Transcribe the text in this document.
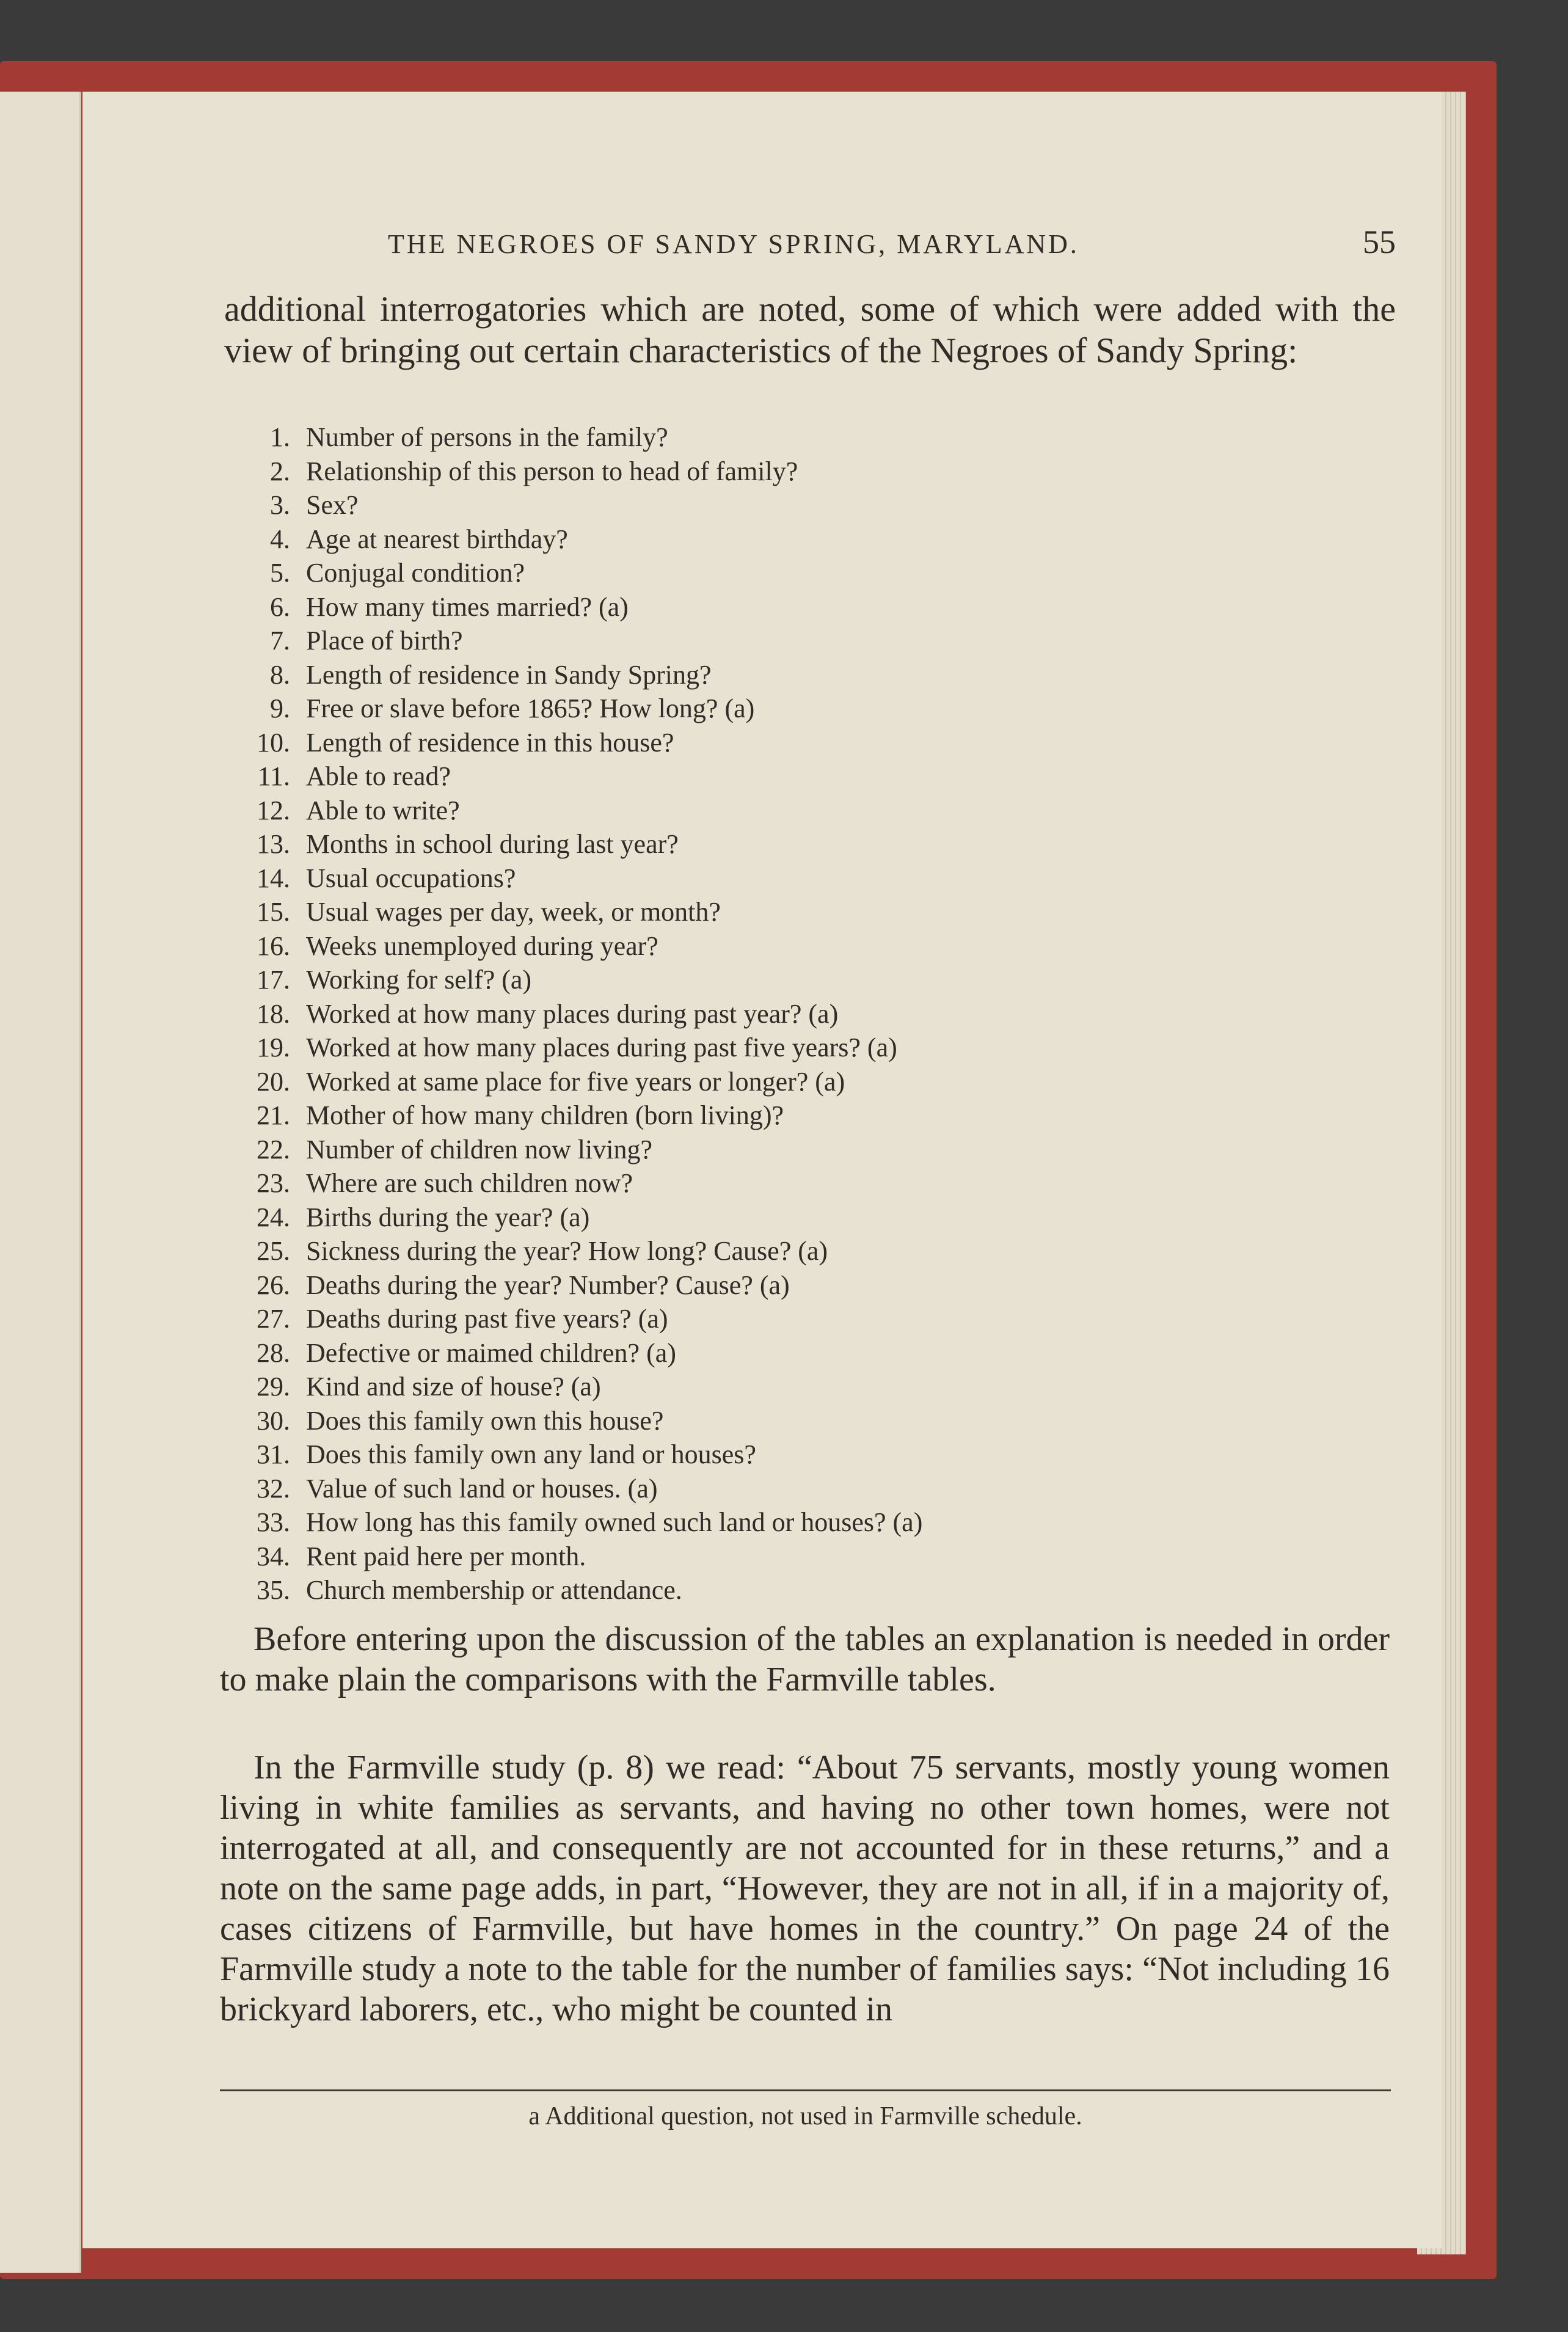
THE NEGROES OF SANDY SPRING, MARYLAND.	55

additional interrogatories which are noted, some of which were added with the view of bringing out certain characteristics of the Negroes of Sandy Spring:

1. Number of persons in the family?
2. Relationship of this person to head of family?
3. Sex?
4. Age at nearest birthday?
5. Conjugal condition?
6. How many times married? (a)
7. Place of birth?
8. Length of residence in Sandy Spring?
9. Free or slave before 1865? How long? (a)
10. Length of residence in this house?
11. Able to read?
12. Able to write?
13. Months in school during last year?
14. Usual occupations?
15. Usual wages per day, week, or month?
16. Weeks unemployed during year?
17. Working for self? (a)
18. Worked at how many places during past year? (a)
19. Worked at how many places during past five years? (a)
20. Worked at same place for five years or longer? (a)
21. Mother of how many children (born living)?
22. Number of children now living?
23. Where are such children now?
24. Births during the year? (a)
25. Sickness during the year? How long? Cause? (a)
26. Deaths during the year? Number? Cause? (a)
27. Deaths during past five years? (a)
28. Defective or maimed children? (a)
29. Kind and size of house? (a)
30. Does this family own this house?
31. Does this family own any land or houses?
32. Value of such land or houses. (a)
33. How long has this family owned such land or houses? (a)
34. Rent paid here per month.
35. Church membership or attendance.

Before entering upon the discussion of the tables an explanation is needed in order to make plain the comparisons with the Farmville tables.

In the Farmville study (p. 8) we read: “About 75 servants, mostly young women living in white families as servants, and having no other town homes, were not interrogated at all, and consequently are not accounted for in these returns,” and a note on the same page adds, in part, “However, they are not in all, if in a majority of, cases citizens of Farmville, but have homes in the country.” On page 24 of the Farmville study a note to the table for the number of families says: “Not including 16 brickyard laborers, etc., who might be counted in

a Additional question, not used in Farmville schedule.
